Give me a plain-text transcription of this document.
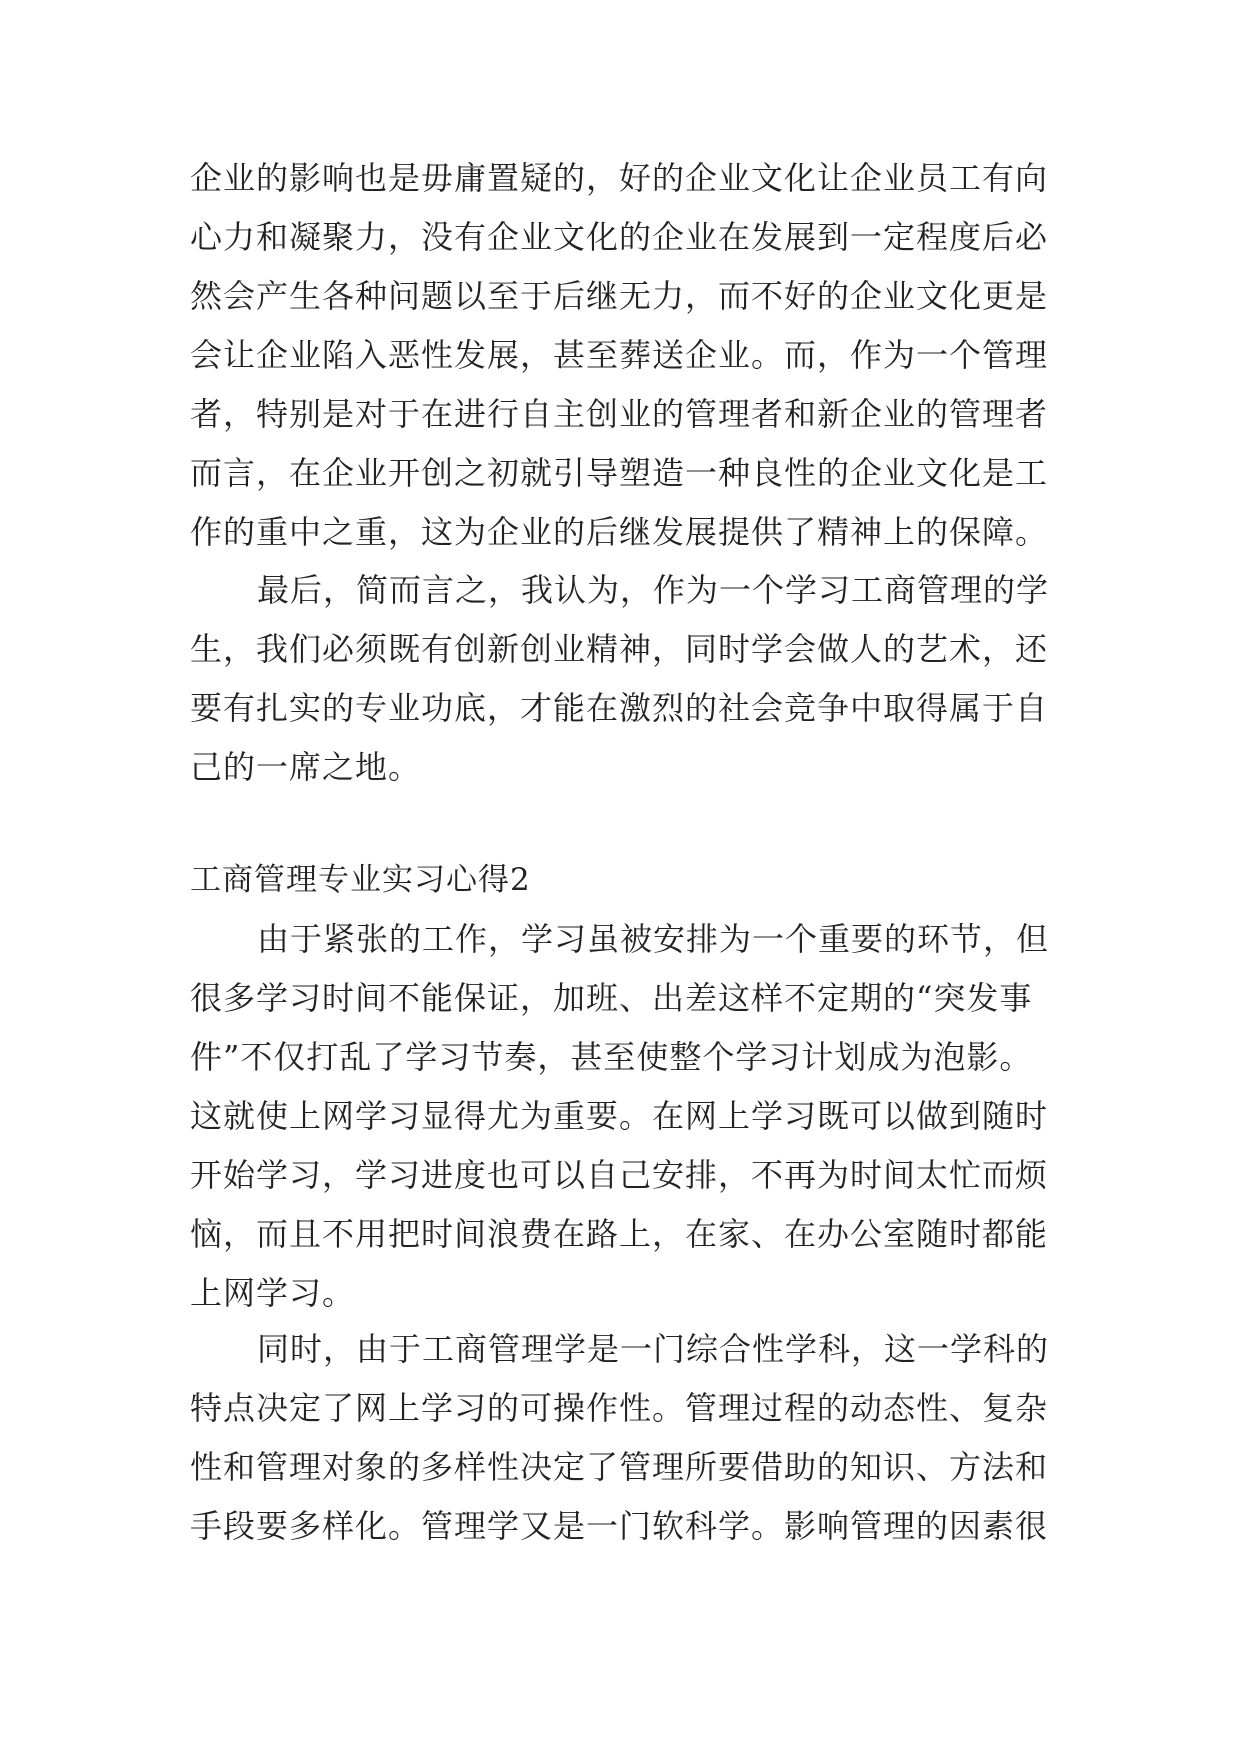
企业的影响也是毋庸置疑的，好的企业文化让企业员工有向
心力和凝聚力，没有企业文化的企业在发展到一定程度后必
然会产生各种问题以至于后继无力，而不好的企业文化更是
会让企业陷入恶性发展，甚至葬送企业。而，作为一个管理
者，特别是对于在进行自主创业的管理者和新企业的管理者
而言，在企业开创之初就引导塑造一种良性的企业文化是工
作的重中之重，这为企业的后继发展提供了精神上的保障。
最后，简而言之，我认为，作为一个学习工商管理的学
生，我们必须既有创新创业精神，同时学会做人的艺术，还
要有扎实的专业功底，才能在激烈的社会竞争中取得属于自
己的一席之地。
工商管理专业实习心得2
由于紧张的工作，学习虽被安排为一个重要的环节，但
很多学习时间不能保证，加班、出差这样不定期的“突发事
件”不仅打乱了学习节奏，甚至使整个学习计划成为泡影。
这就使上网学习显得尤为重要。在网上学习既可以做到随时
开始学习，学习进度也可以自己安排，不再为时间太忙而烦
恼，而且不用把时间浪费在路上，在家、在办公室随时都能
上网学习。
同时，由于工商管理学是一门综合性学科，这一学科的
特点决定了网上学习的可操作性。管理过程的动态性、复杂
性和管理对象的多样性决定了管理所要借助的知识、方法和
手段要多样化。管理学又是一门软科学。影响管理的因素很
